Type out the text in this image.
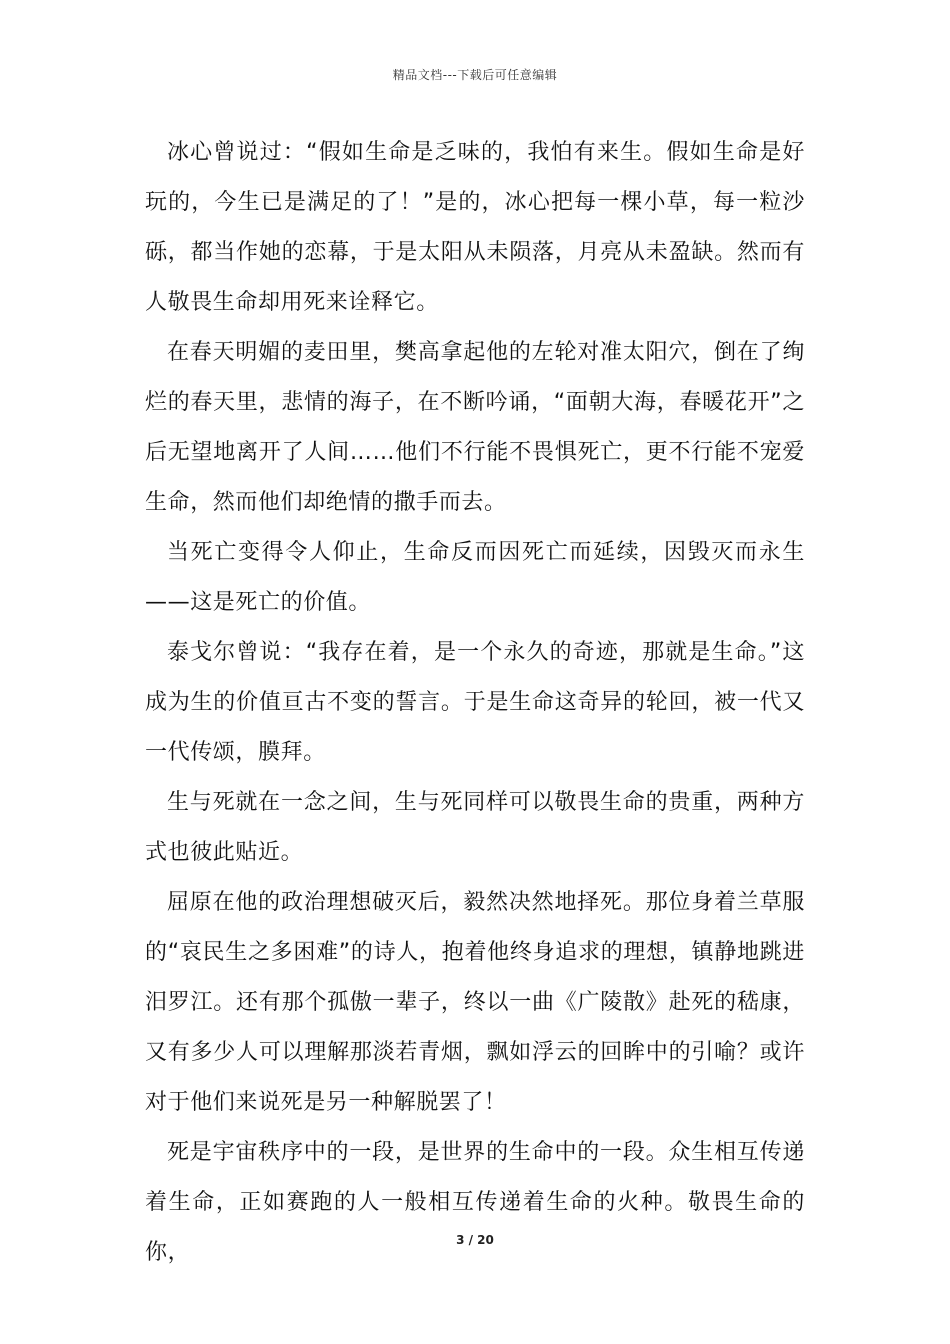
精品文档---下载后可任意编辑

冰心曾说过：“假如生命是乏味的，我怕有来生。假如生命是好玩的，今生已是满足的了！”是的，冰心把每一棵小草，每一粒沙砾，都当作她的恋幕，于是太阳从未陨落，月亮从未盈缺。然而有人敬畏生命却用死来诠释它。

在春天明媚的麦田里，樊高拿起他的左轮对准太阳穴，倒在了绚烂的春天里，悲情的海子，在不断吟诵，“面朝大海，春暖花开”之后无望地离开了人间……他们不行能不畏惧死亡，更不行能不宠爱生命，然而他们却绝情的撒手而去。

当死亡变得令人仰止，生命反而因死亡而延续，因毁灭而永生——这是死亡的价值。

泰戈尔曾说：“我存在着，是一个永久的奇迹，那就是生命。”这成为生的价值亘古不变的誓言。于是生命这奇异的轮回，被一代又一代传颂，膜拜。

生与死就在一念之间，生与死同样可以敬畏生命的贵重，两种方式也彼此贴近。

屈原在他的政治理想破灭后，毅然决然地择死。那位身着兰草服的“哀民生之多困难”的诗人，抱着他终身追求的理想，镇静地跳进汨罗江。还有那个孤傲一辈子，终以一曲《广陵散》赴死的嵇康，又有多少人可以理解那淡若青烟，飘如浮云的回眸中的引喻？或许对于他们来说死是另一种解脱罢了！

死是宇宙秩序中的一段，是世界的生命中的一段。众生相互传递着生命，正如赛跑的人一般相互传递着生命的火种。敬畏生命的你，	3 / 20
